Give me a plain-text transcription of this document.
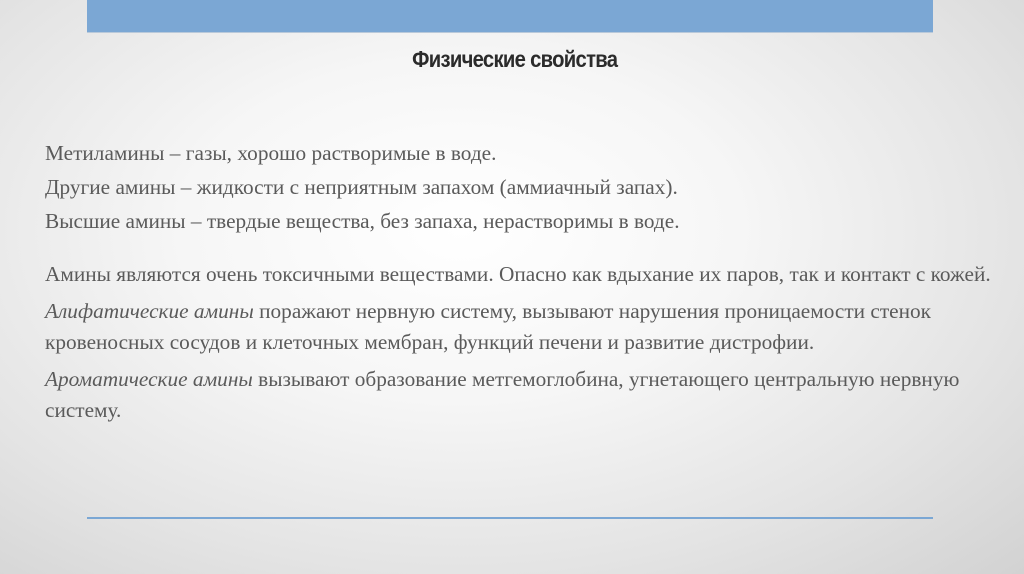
Физические свойства

Метиламины – газы, хорошо растворимые в воде.

Другие амины – жидкости с неприятным запахом (аммиачный запах).

Высшие амины – твердые вещества, без запаха, нерастворимы в воде.

Амины являются очень токсичными веществами. Опасно как вдыхание их паров, так и контакт с кожей.

Алифатические амины поражают нервную систему, вызывают нарушения проницаемости стенок кровеносных сосудов и клеточных мембран, функций печени и развитие дистрофии.

Ароматические амины вызывают образование метгемоглобина, угнетающего центральную нервную систему.
